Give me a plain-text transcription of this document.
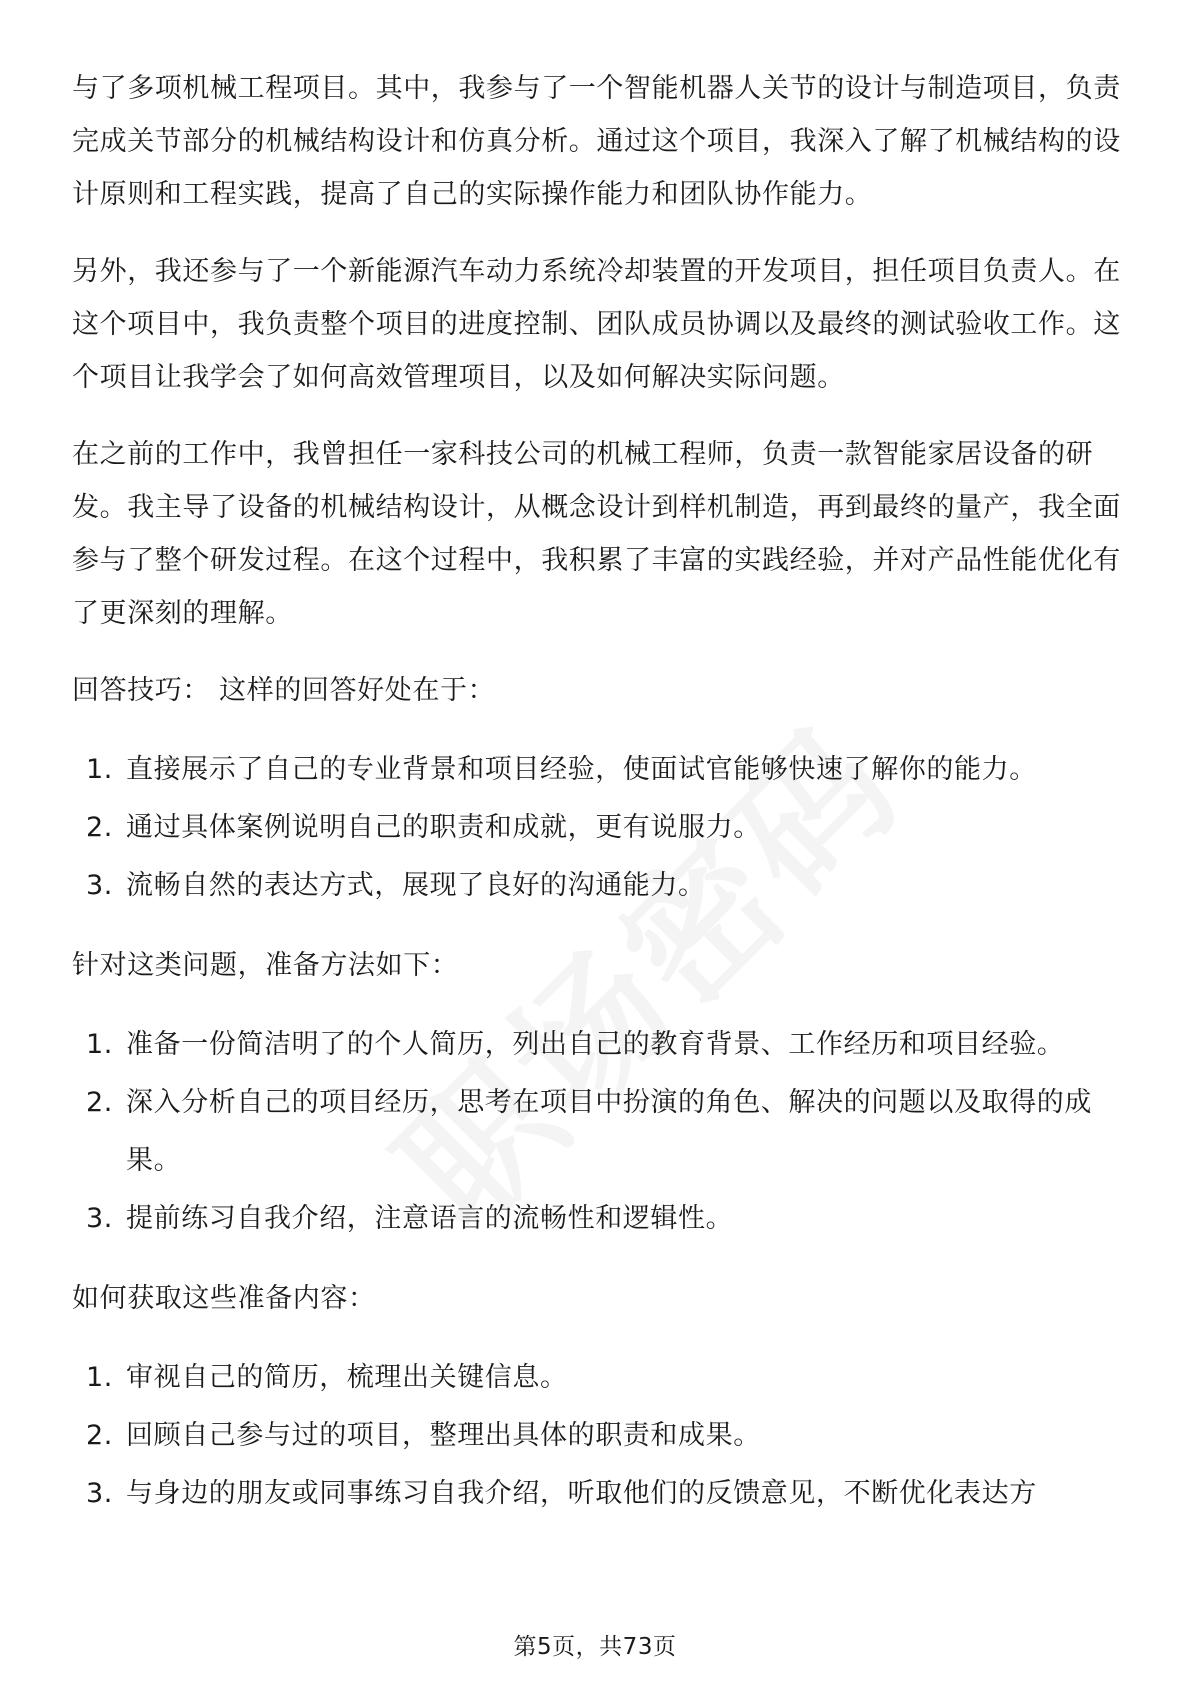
与了多项机械工程项目。其中，我参与了一个智能机器人关节的设计与制造项目，负责完成关节部分的机械结构设计和仿真分析。通过这个项目，我深入了解了机械结构的设计原则和工程实践，提高了自己的实际操作能力和团队协作能力。

另外，我还参与了一个新能源汽车动力系统冷却装置的开发项目，担任项目负责人。在这个项目中，我负责整个项目的进度控制、团队成员协调以及最终的测试验收工作。这个项目让我学会了如何高效管理项目，以及如何解决实际问题。

在之前的工作中，我曾担任一家科技公司的机械工程师，负责一款智能家居设备的研发。我主导了设备的机械结构设计，从概念设计到样机制造，再到最终的量产，我全面参与了整个研发过程。在这个过程中，我积累了丰富的实践经验，并对产品性能优化有了更深刻的理解。

回答技巧： 这样的回答好处在于：
1. 直接展示了自己的专业背景和项目经验，使面试官能够快速了解你的能力。
2. 通过具体案例说明自己的职责和成就，更有说服力。
3. 流畅自然的表达方式，展现了良好的沟通能力。
针对这类问题，准备方法如下：
1. 准备一份简洁明了的个人简历，列出自己的教育背景、工作经历和项目经验。
2. 深入分析自己的项目经历，思考在项目中扮演的角色、解决的问题以及取得的成果。
3. 提前练习自我介绍，注意语言的流畅性和逻辑性。
如何获取这些准备内容：
1. 审视自己的简历，梳理出关键信息。
2. 回顾自己参与过的项目，整理出具体的职责和成果。
3. 与身边的朋友或同事练习自我介绍，听取他们的反馈意见，不断优化表达方
第5页，共73页
